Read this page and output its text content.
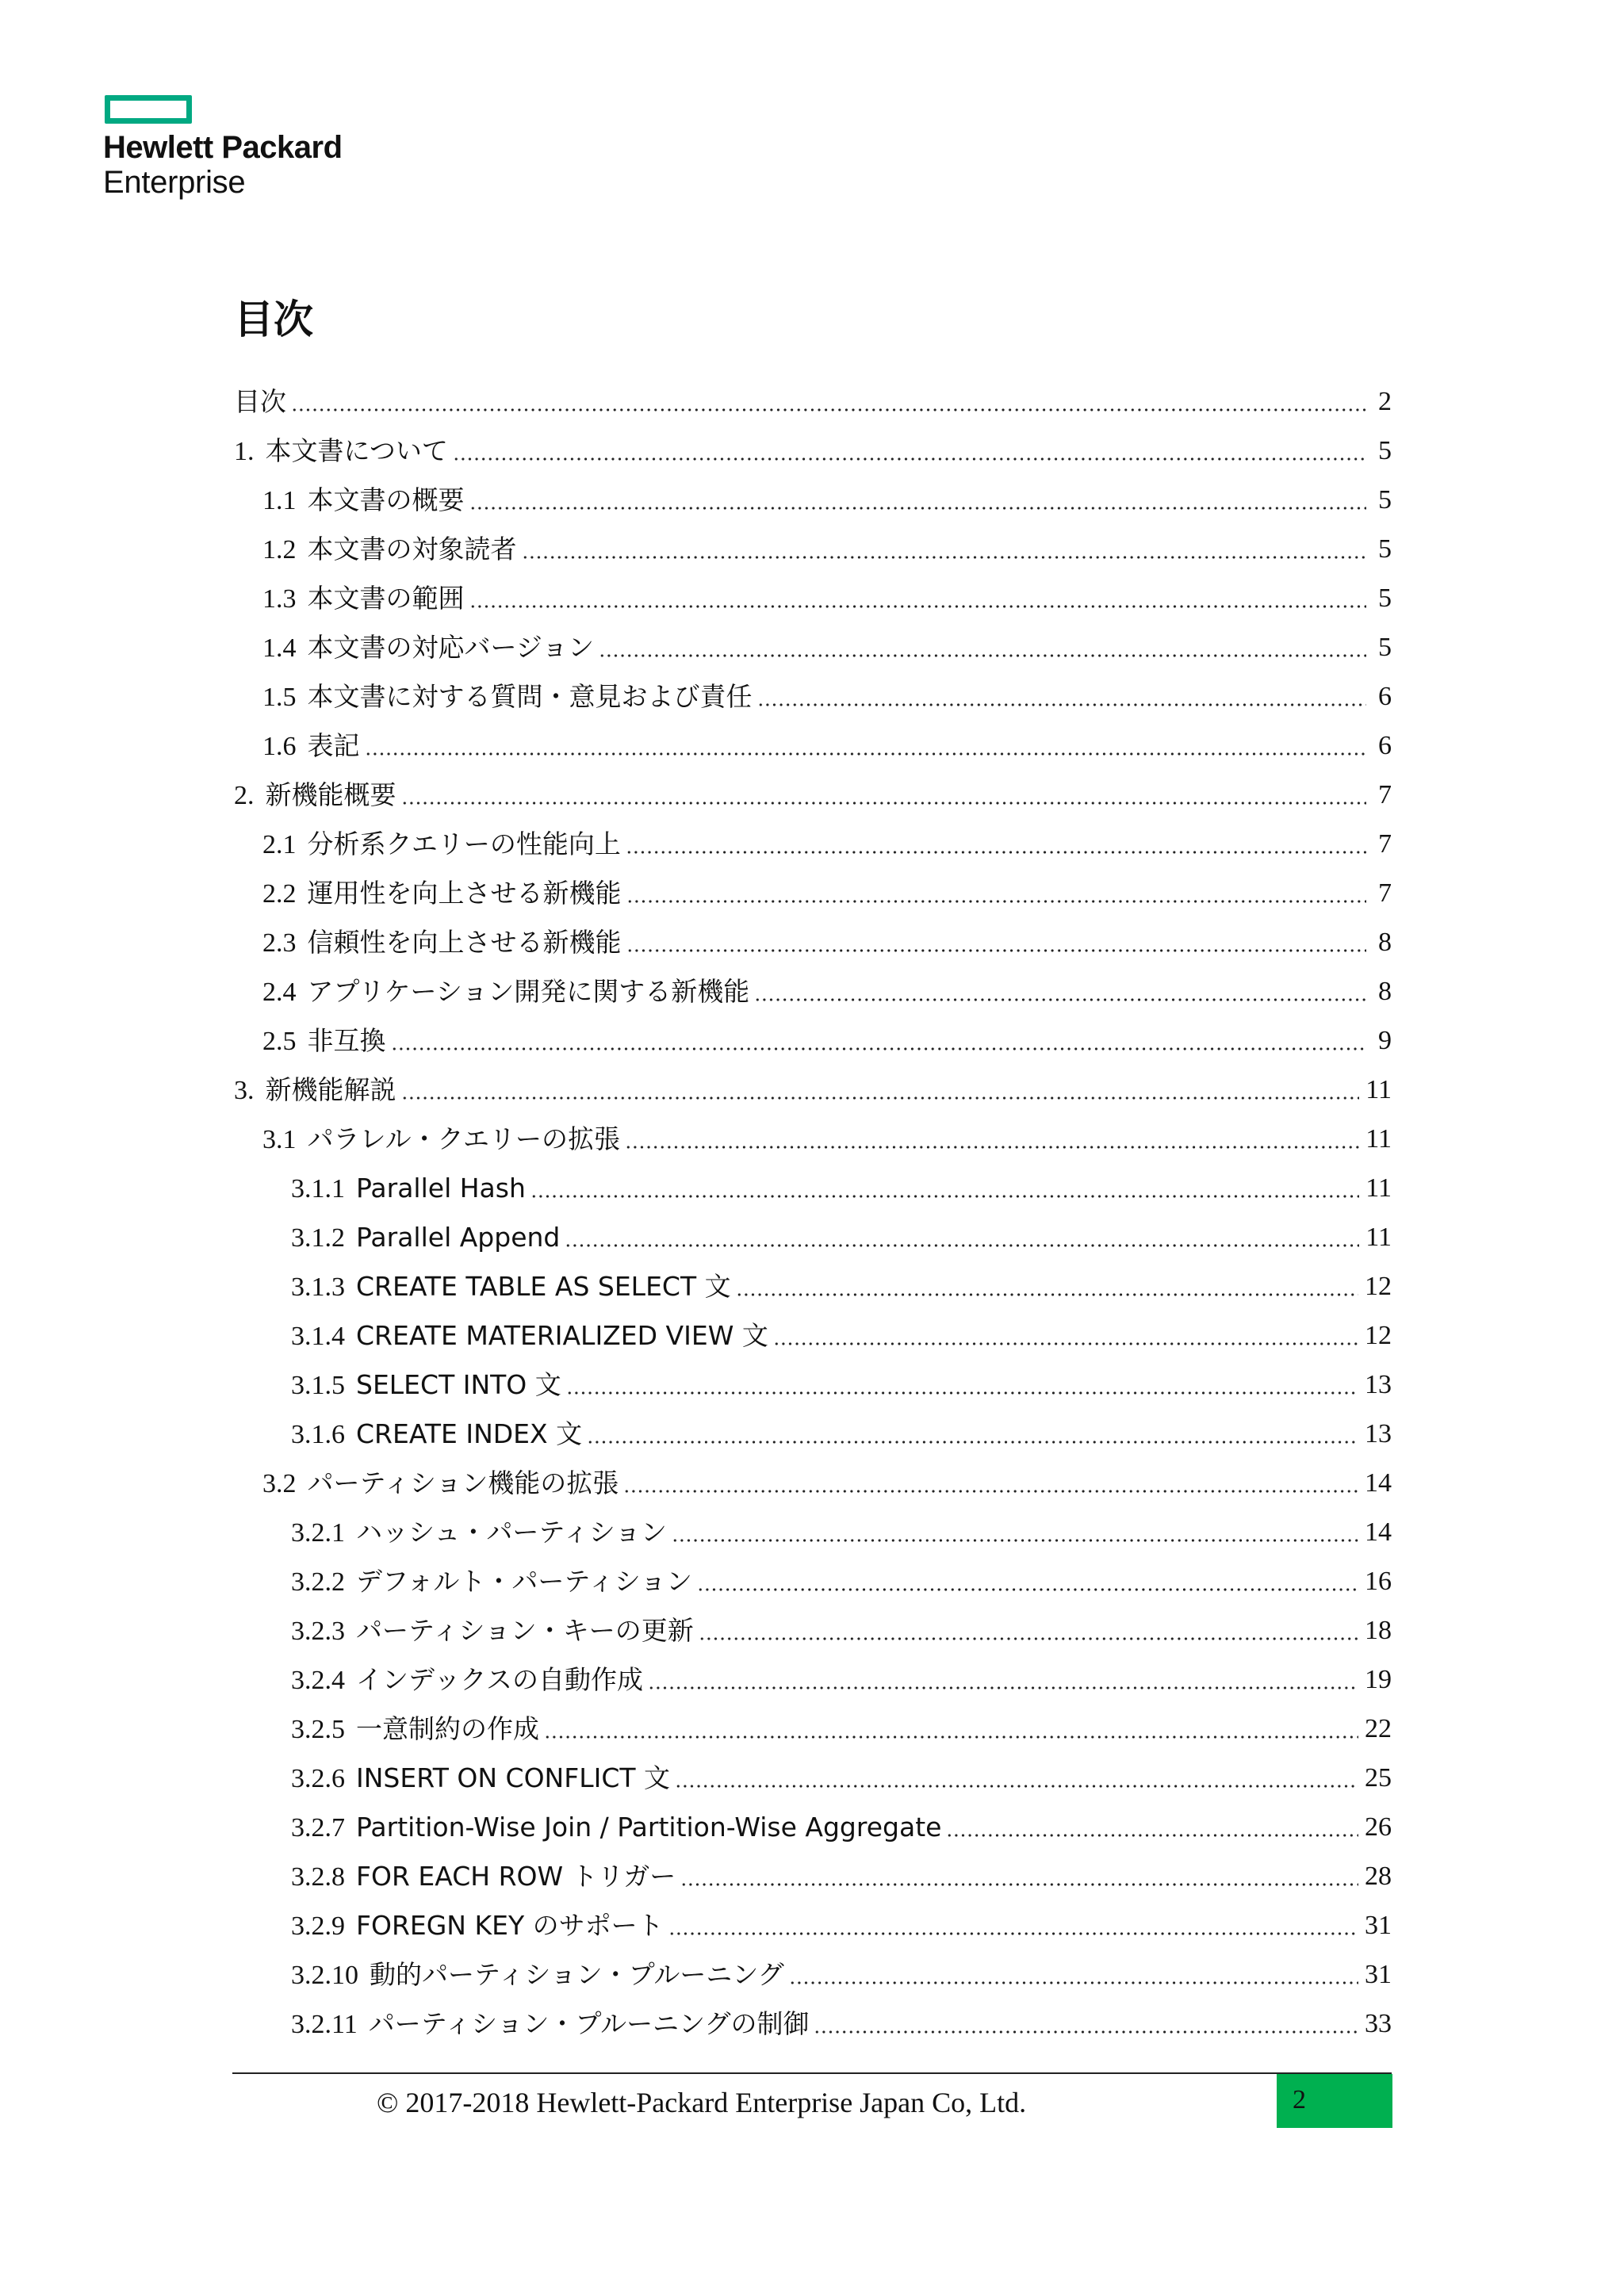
Hewlett Packard
Enterprise
目次
目次	2
1. 本文書について	5
1.1 本文書の概要	5
1.2 本文書の対象読者	5
1.3 本文書の範囲	5
1.4 本文書の対応バージョン	5
1.5 本文書に対する質問・意見および責任	6
1.6 表記	6
2. 新機能概要	7
2.1 分析系クエリーの性能向上	7
2.2 運用性を向上させる新機能	7
2.3 信頼性を向上させる新機能	8
2.4 アプリケーション開発に関する新機能	8
2.5 非互換	9
3. 新機能解説	11
3.1 パラレル・クエリーの拡張	11
3.1.1 Parallel Hash	11
3.1.2 Parallel Append	11
3.1.3 CREATE TABLE AS SELECT 文	12
3.1.4 CREATE MATERIALIZED VIEW 文	12
3.1.5 SELECT INTO 文	13
3.1.6 CREATE INDEX 文	13
3.2 パーティション機能の拡張	14
3.2.1 ハッシュ・パーティション	14
3.2.2 デフォルト・パーティション	16
3.2.3 パーティション・キーの更新	18
3.2.4 インデックスの自動作成	19
3.2.5 一意制約の作成	22
3.2.6 INSERT ON CONFLICT 文	25
3.2.7 Partition-Wise Join / Partition-Wise Aggregate	26
3.2.8 FOR EACH ROW トリガー	28
3.2.9 FOREGN KEY のサポート	31
3.2.10 動的パーティション・プルーニング	31
3.2.11 パーティション・プルーニングの制御	33
© 2017-2018 Hewlett-Packard Enterprise Japan Co, Ltd.	2
